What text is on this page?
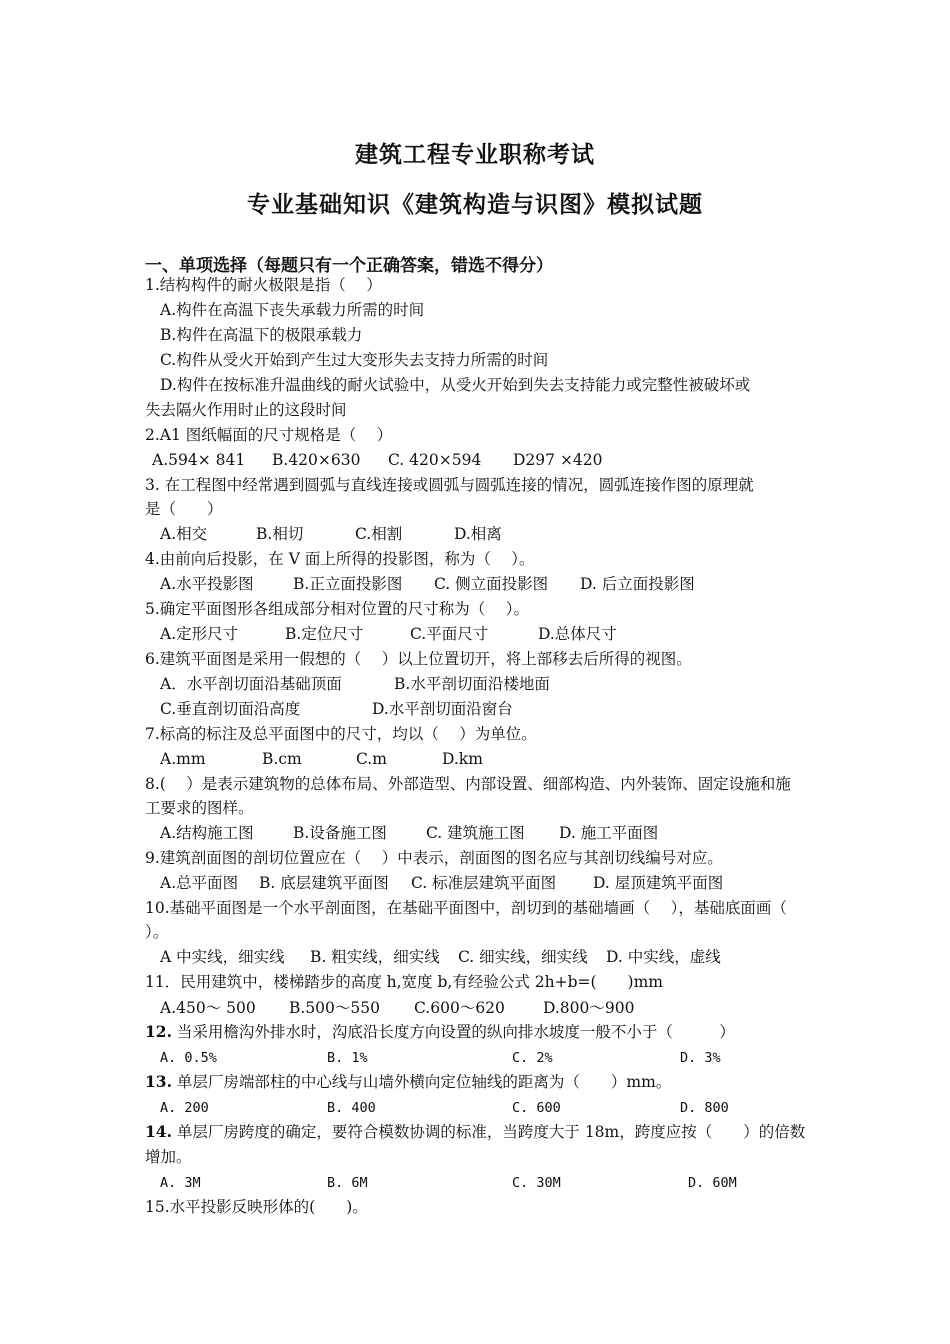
建筑工程专业职称考试
专业基础知识《建筑构造与识图》模拟试题
一、单项选择（每题只有一个正确答案，错选不得分）
1.结构构件的耐火极限是指（　 ）
A.构件在高温下丧失承载力所需的时间
B.构件在高温下的极限承载力
C.构件从受火开始到产生过大变形失去支持力所需的时间
D.构件在按标准升温曲线的耐火试验中，从受火开始到失去支持能力或完整性被破坏或
失去隔火作用时止的这段时间
2.A1 图纸幅面的尺寸规格是（　 ）
A.594× 841 B.420×630 C. 420×594 D297 ×420
3. 在工程图中经常遇到圆弧与直线连接或圆弧与圆弧连接的情况，圆弧连接作图的原理就
是（　　）
A.相交	B.相切	C.相割	D.相离
4.由前向后投影，在 V 面上所得的投影图，称为（　 ）。
A.水平投影图	B.正立面投影图 C. 侧立面投影图 D. 后立面投影图
5.确定平面图形各组成部分相对位置的尺寸称为（　 ）。
A.定形尺寸	B.定位尺寸	C.平面尺寸	D.总体尺寸
6.建筑平面图是采用一假想的（　 ）以上位置切开，将上部移去后所得的视图。
A．水平剖切面沿基础顶面	B.水平剖切面沿楼地面
C.垂直剖切面沿高度	D.水平剖切面沿窗台
7.标高的标注及总平面图中的尺寸，均以（　 ）为单位。
A.mm	B.cm	C.m	D.km
8.(　 ）是表示建筑物的总体布局、外部造型、内部设置、细部构造、内外装饰、固定设施和施
工要求的图样。
A.结构施工图	B.设备施工图	C. 建筑施工图 D. 施工平面图
9.建筑剖面图的剖切位置应在（　 ）中表示，剖面图的图名应与其剖切线编号对应。
A.总平面图 B. 底层建筑平面图 C. 标准层建筑平面图 D. 屋顶建筑平面图
10.基础平面图是一个水平剖面图，在基础平面图中，剖切到的基础墙画（　 ），基础底面画（
）。
A 中实线，细实线 B. 粗实线，细实线 C. 细实线，细实线 D. 中实线，虚线
11．民用建筑中，楼梯踏步的高度 h,宽度 b,有经验公式 2h+b=(　　)mm
A.450～ 500 B.500～550 C.600～620 D.800～900
12. 当采用檐沟外排水时，沟底沿长度方向设置的纵向排水坡度一般不小于（　　　）
A. 0.5%	B. 1%	C. 2%	D. 3%
13. 单层厂房端部柱的中心线与山墙外横向定位轴线的距离为（　　）mm。
A. 200	B. 400	C. 600	D. 800
14. 单层厂房跨度的确定，要符合模数协调的标准，当跨度大于 18m，跨度应按（　　）的倍数
增加。
A. 3M	B. 6M	C. 30M	D. 60M
15.水平投影反映形体的(　　)。
